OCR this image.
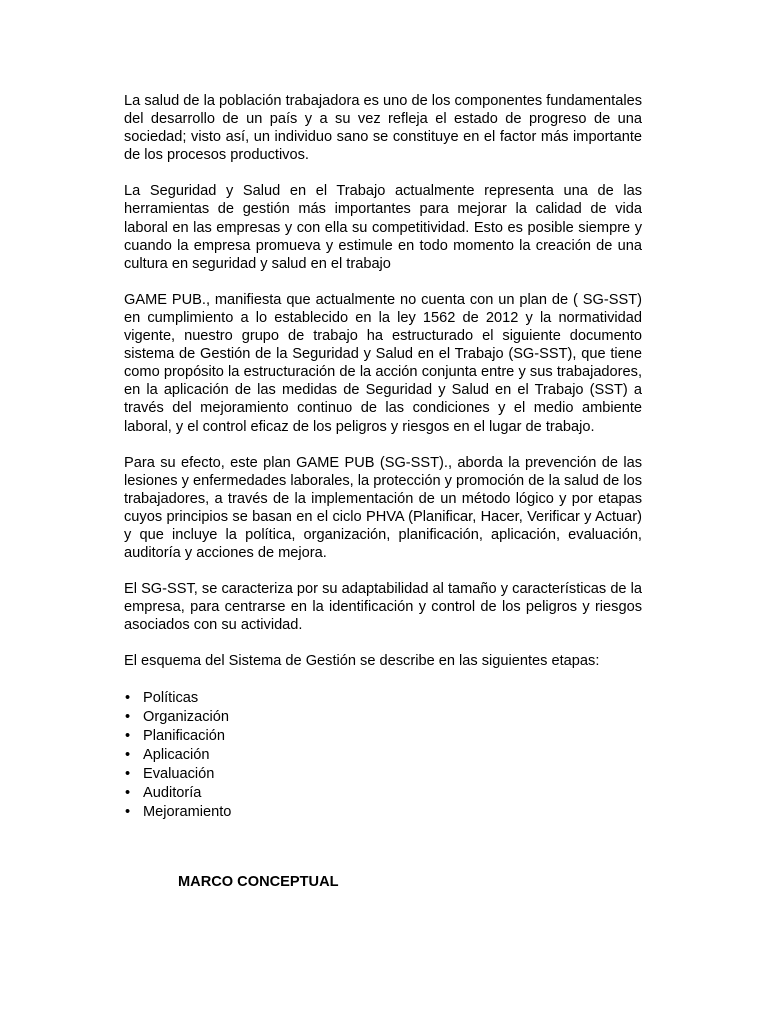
La salud de la población trabajadora es uno de los componentes fundamentales del desarrollo de un país y a su vez refleja el estado de progreso de una sociedad; visto así, un individuo sano se constituye en el factor más importante de los procesos productivos.

La Seguridad y Salud en el Trabajo actualmente representa una de las herramientas de gestión más importantes para mejorar la calidad de vida laboral en las empresas y con ella su competitividad. Esto es posible siempre y cuando la empresa promueva y estimule en todo momento la creación de una cultura en seguridad y salud en el trabajo

GAME PUB., manifiesta que actualmente no cuenta con un plan de ( SG-SST) en cumplimiento a lo establecido en la ley 1562 de 2012 y la normatividad vigente, nuestro grupo de trabajo ha estructurado el siguiente documento sistema de Gestión de la Seguridad y Salud en el Trabajo (SG-SST), que tiene como propósito la estructuración de la acción conjunta entre y sus trabajadores, en la aplicación de las medidas de Seguridad y Salud en el Trabajo (SST) a través del mejoramiento continuo de las condiciones y el medio ambiente laboral, y el control eficaz de los peligros y riesgos en el lugar de trabajo.

Para su efecto, este plan GAME PUB (SG-SST)., aborda la prevención de las lesiones y enfermedades laborales, la protección y promoción de la salud de los trabajadores, a través de la implementación de un método lógico y por etapas cuyos principios se basan en el ciclo PHVA (Planificar, Hacer, Verificar y Actuar) y que incluye la política, organización, planificación, aplicación, evaluación, auditoría y acciones de mejora.

El SG-SST, se caracteriza por su adaptabilidad al tamaño y características de la empresa, para centrarse en la identificación y control de los peligros y riesgos asociados con su actividad.

El esquema del Sistema de Gestión se describe en las siguientes etapas:

• Políticas
• Organización
• Planificación
• Aplicación
• Evaluación
• Auditoría
• Mejoramiento
MARCO CONCEPTUAL
